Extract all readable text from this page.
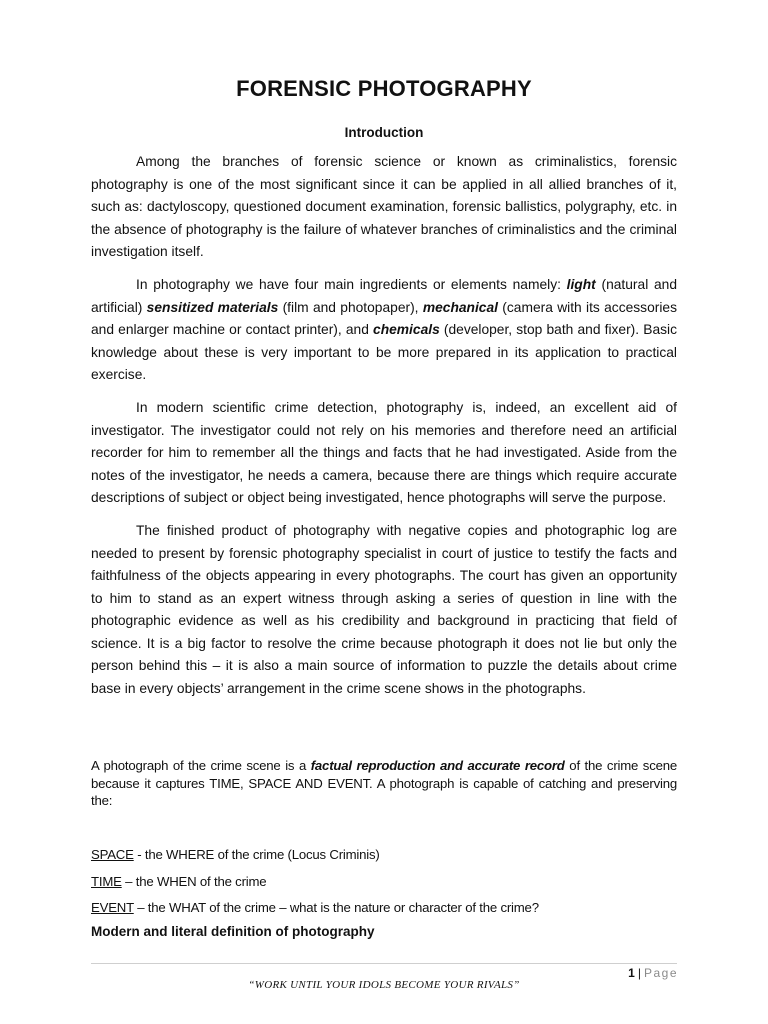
FORENSIC PHOTOGRAPHY
Introduction

Among the branches of forensic science or known as criminalistics, forensic photography is one of the most significant since it can be applied in all allied branches of it, such as: dactyloscopy, questioned document examination, forensic ballistics, polygraphy, etc. in the absence of photography is the failure of whatever branches of criminalistics and the criminal investigation itself.

In photography we have four main ingredients or elements namely: light (natural and artificial) sensitized materials (film and photopaper), mechanical (camera with its accessories and enlarger machine or contact printer), and chemicals (developer, stop bath and fixer). Basic knowledge about these is very important to be more prepared in its application to practical exercise.

In modern scientific crime detection, photography is, indeed, an excellent aid of investigator. The investigator could not rely on his memories and therefore need an artificial recorder for him to remember all the things and facts that he had investigated. Aside from the notes of the investigator, he needs a camera, because there are things which require accurate descriptions of subject or object being investigated, hence photographs will serve the purpose.

The finished product of photography with negative copies and photographic log are needed to present by forensic photography specialist in court of justice to testify the facts and faithfulness of the objects appearing in every photographs. The court has given an opportunity to him to stand as an expert witness through asking a series of question in line with the photographic evidence as well as his credibility and background in practicing that field of science. It is a big factor to resolve the crime because photograph it does not lie but only the person behind this – it is also a main source of information to puzzle the details about crime base in every objects’ arrangement in the crime scene shows in the photographs.

A photograph of the crime scene is a factual reproduction and accurate record of the crime scene because it captures TIME, SPACE AND EVENT. A photograph is capable of catching and preserving the:
SPACE - the WHERE of the crime (Locus Criminis)
TIME – the WHEN of the crime
EVENT – the WHAT of the crime – what is the nature or character of the crime?
Modern and literal definition of photography
1 | Page
“WORK UNTIL YOUR IDOLS BECOME YOUR RIVALS”
